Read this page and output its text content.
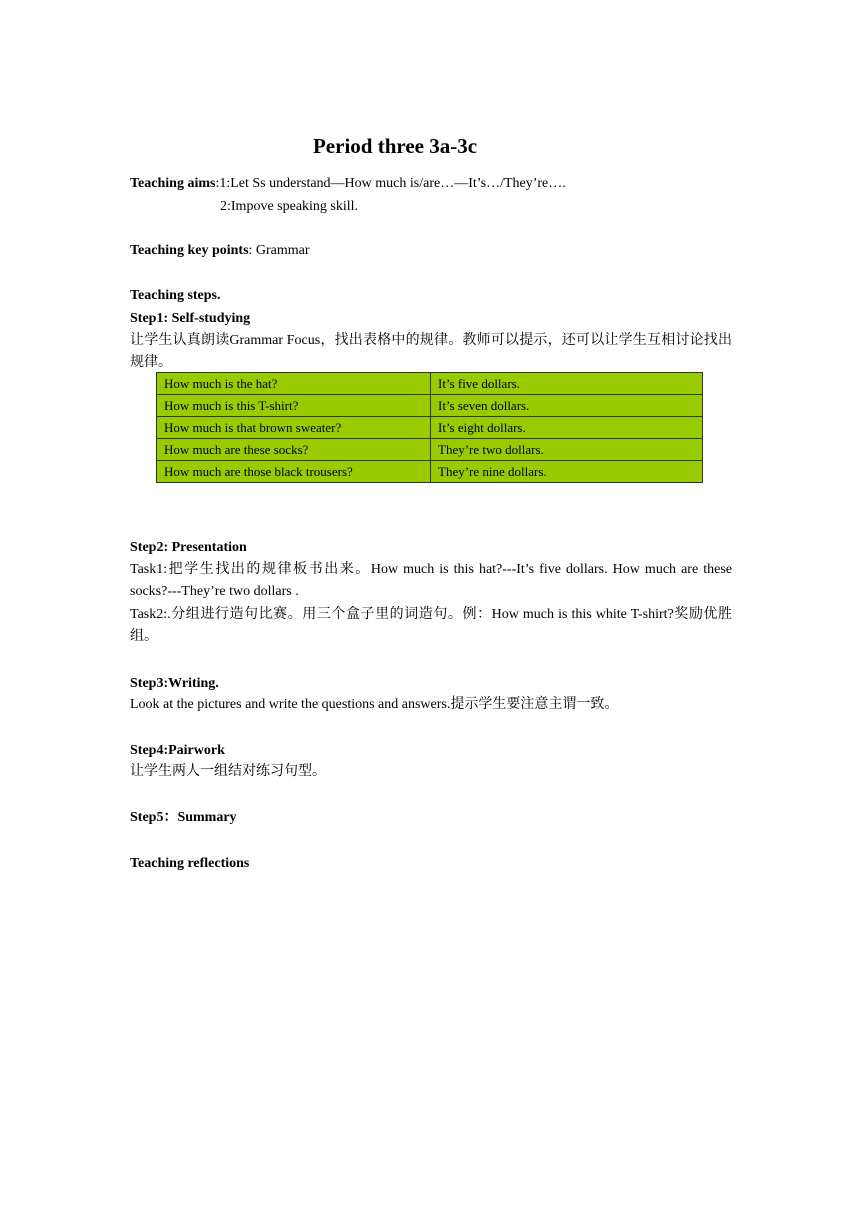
Period three 3a-3c
Teaching aims:1:Let Ss understand—How much is/are…—It’s…/They’re….
2:Impove speaking skill.
Teaching key points: Grammar
Teaching steps.
Step1: Self-studying
让学生认真朗读Grammar Focus，找出表格中的规律。教师可以提示，还可以让学生互相讨论找出规律。
How much is the hat?	It’s five dollars.
How much is this T-shirt?	It’s seven dollars.
How much is that brown sweater?	It’s eight dollars.
How much are these socks?	They’re two dollars.
How much are those black trousers?	They’re nine dollars.
Step2: Presentation
Task1:把学生找出的规律板书出来。How much is this hat?---It’s five dollars. How much are these socks?---They’re two dollars .
Task2:.分组进行造句比赛。用三个盒子里的词造句。例：How much is this white T-shirt?奖励优胜组。
Step3:Writing.
Look at the pictures and write the questions and answers.提示学生要注意主谓一致。
Step4:Pairwork
让学生两人一组结对练习句型。
Step5：Summary
Teaching reflections
